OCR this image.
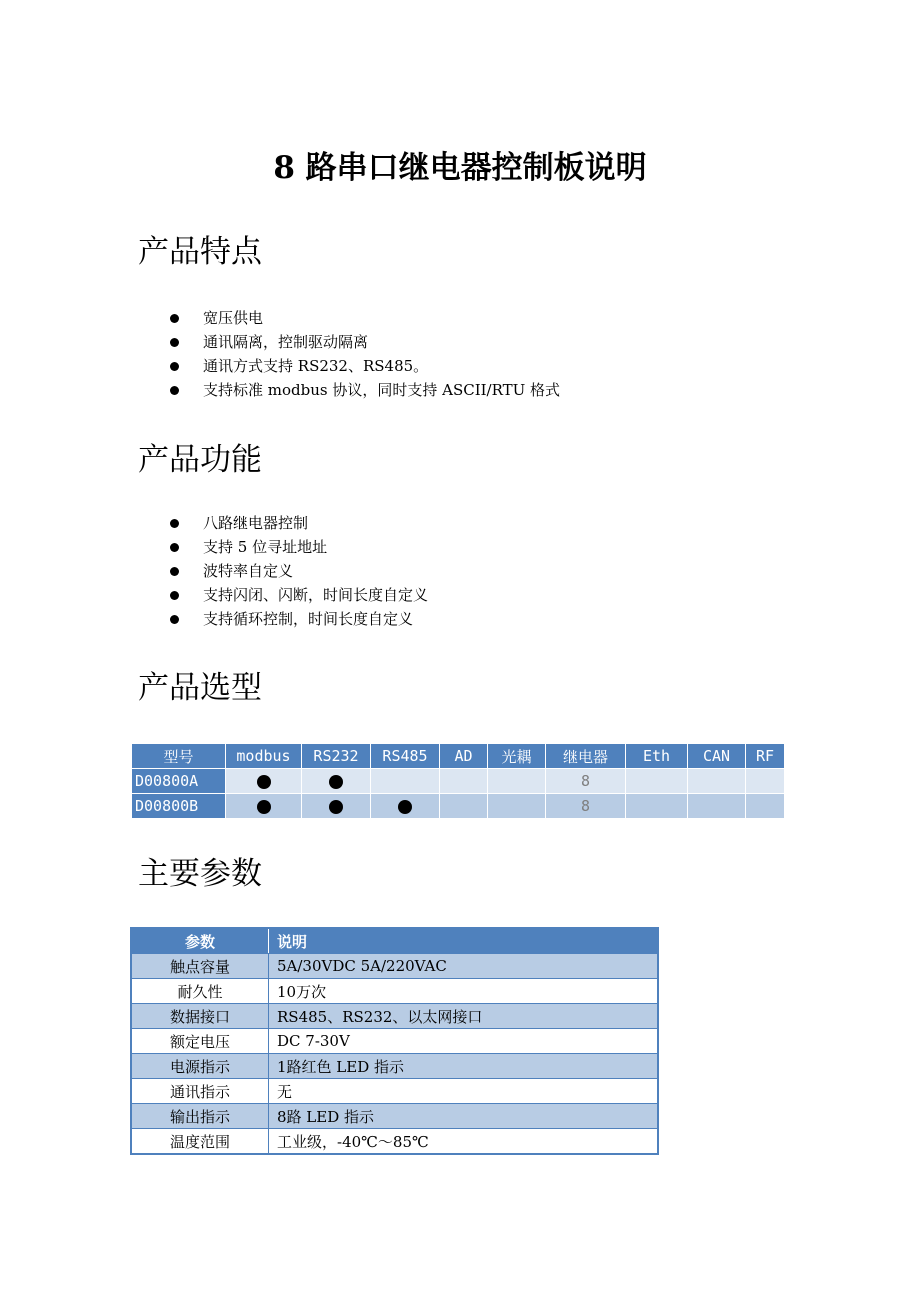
8 路串口继电器控制板说明
产品特点
宽压供电
通讯隔离，控制驱动隔离
通讯方式支持 RS232、RS485。
支持标准 modbus 协议，同时支持 ASCII/RTU 格式
产品功能
八路继电器控制
支持 5 位寻址地址
波特率自定义
支持闪闭、闪断，时间长度自定义
支持循环控制，时间长度自定义
产品选型
型号	modbus	RS232	RS485	AD	光耦	继电器	Eth	CAN	RF
D00800A						8			
D00800B						8			
主要参数
参数	说明
触点容量	5A/30VDC 5A/220VAC
耐久性	10万次
数据接口	RS485、RS232、以太网接口
额定电压	DC 7-30V
电源指示	1路红色 LED 指示
通讯指示	无
输出指示	8路 LED 指示
温度范围	工业级，-40℃～85℃
